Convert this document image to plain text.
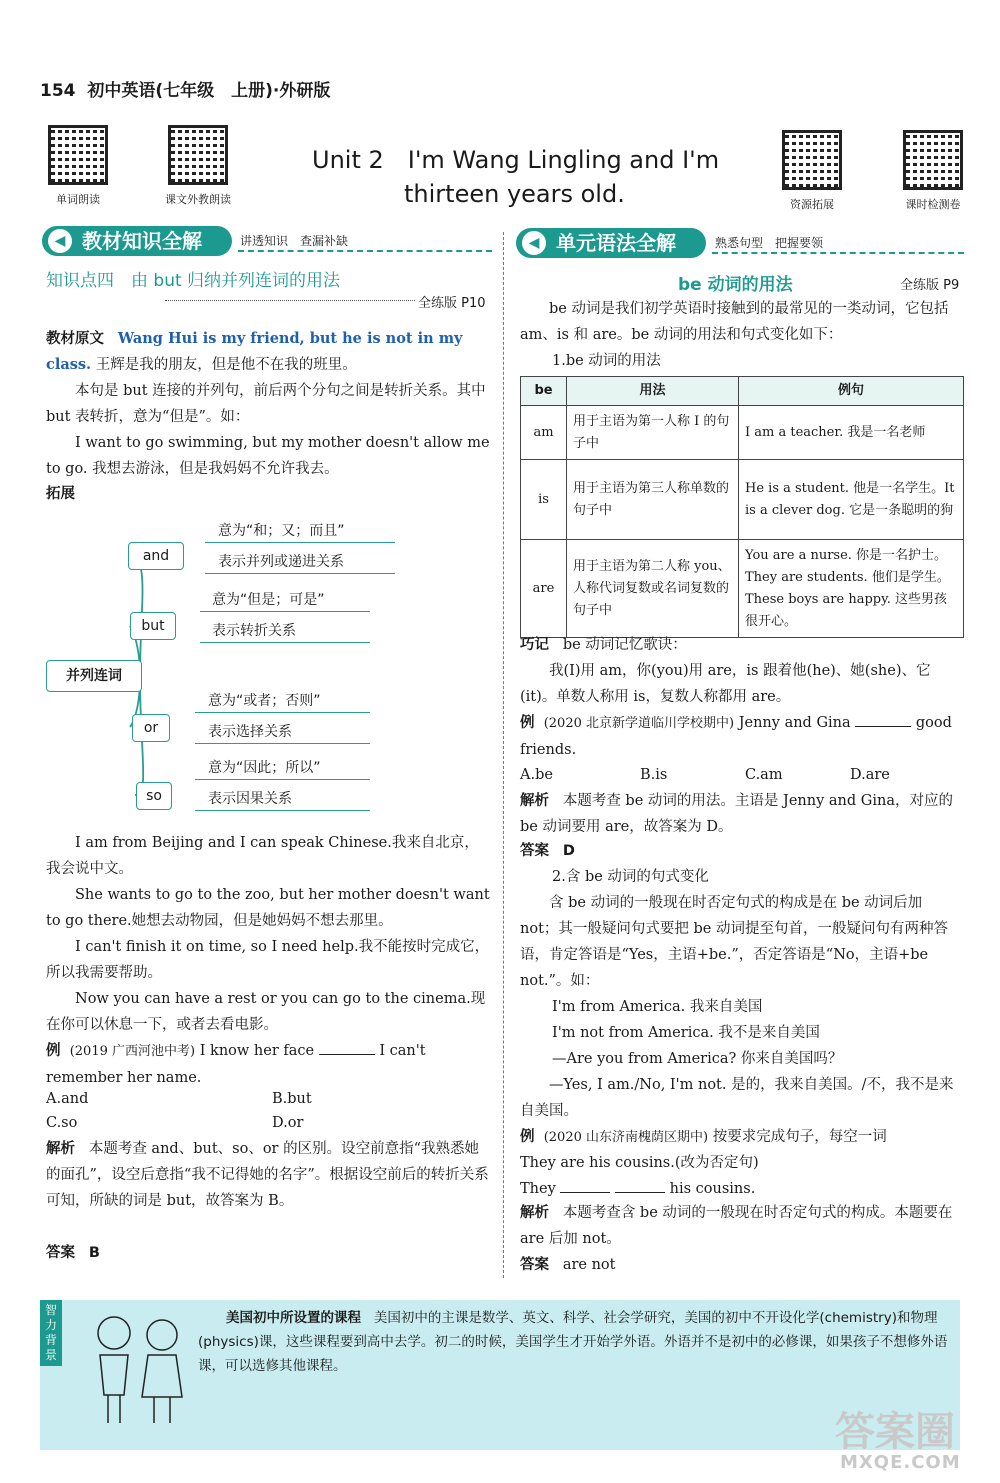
154 初中英语(七年级　上册)·外研版
单词朗读	课文外教朗读	资源拓展	课时检测卷
Unit 2　I'm Wang Lingling and I'm
thirteen years old.
◀ 教材知识全解	讲透知识　查漏补缺
知识点四　由 but 归纳并列连词的用法
全练版 P10
教材原文 Wang Hui is my friend, but he is not in my class. 王辉是我的朋友，但是他不在我的班里。
本句是 but 连接的并列句，前后两个分句之间是转折关系。其中 but 表转折，意为“但是”。如：
I want to go swimming, but my mother doesn't allow me to go. 我想去游泳，但是我妈妈不允许我去。
拓展
并列连词
and
意为“和；又；而且”
表示并列或递进关系
but
意为“但是；可是”
表示转折关系
or
意为“或者；否则”
表示选择关系
so
意为“因此；所以”
表示因果关系
I am from Beijing and I can speak Chinese.我来自北京，我会说中文。
She wants to go to the zoo, but her mother doesn't want to go there.她想去动物园，但是她妈妈不想去那里。
I can't finish it on time, so I need help.我不能按时完成它，所以我需要帮助。
Now you can have a rest or you can go to the cinema.现在你可以休息一下，或者去看电影。
例 (2019 广西河池中考) I know her face	I can't remember her name.
A.and	B.but
C.so	D.or
解析 本题考查 and、but、so、or 的区别。设空前意指“我熟悉她的面孔”，设空后意指“我不记得她的名字”。根据设空前后的转折关系可知，所缺的词是 but，故答案为 B。
答案 B
◀ 单元语法全解	熟悉句型　把握要领
be 动词的用法	全练版 P9
be 动词是我们初学英语时接触到的最常见的一类动词，它包括 am、is 和 are。be 动词的用法和句式变化如下：
1.be 动词的用法
be	用法	例句
am	用于主语为第一人称 I 的句子中	I am a teacher. 我是一名老师
is	用于主语为第三人称单数的句子中	He is a student. 他是一名学生。It is a clever dog. 它是一条聪明的狗
are	用于主语为第二人称 you、人称代词复数或名词复数的句子中	You are a nurse. 你是一名护士。They are students. 他们是学生。These boys are happy. 这些男孩很开心。
巧记 be 动词记忆歌诀：
我(I)用 am，你(you)用 are，is 跟着他(he)、她(she)、它(it)。单数人称用 is，复数人称都用 are。
例 (2020 北京新学道临川学校期中) Jenny and Gina	good friends.
A.be	B.is	C.am	D.are
解析 本题考查 be 动词的用法。主语是 Jenny and Gina，对应的 be 动词要用 are，故答案为 D。
答案 D
2.含 be 动词的句式变化
含 be 动词的一般现在时否定句式的构成是在 be 动词后加 not；其一般疑问句式要把 be 动词提至句首，一般疑问句有两种答语，肯定答语是“Yes，主语+be.”，否定答语是“No，主语+be not.”。如：
I'm from America. 我来自美国
I'm not from America. 我不是来自美国
—Are you from America? 你来自美国吗？
—Yes, I am./No, I'm not. 是的，我来自美国。/不，我不是来自美国。
例 (2020 山东济南槐荫区期中) 按要求完成句子，每空一词
They are his cousins.(改为否定句)
They	his cousins.
解析 本题考查含 be 动词的一般现在时否定句式的构成。本题要在 are 后加 not。
答案 are not
智力背景
美国初中所设置的课程 美国初中的主课是数学、英文、科学、社会学研究，美国的初中不开设化学(chemistry)和物理(physics)课，这些课程要到高中去学。初二的时候，美国学生才开始学外语。外语并不是初中的必修课，如果孩子不想修外语课，可以选修其他课程。
答案圈
MXQE.COM
